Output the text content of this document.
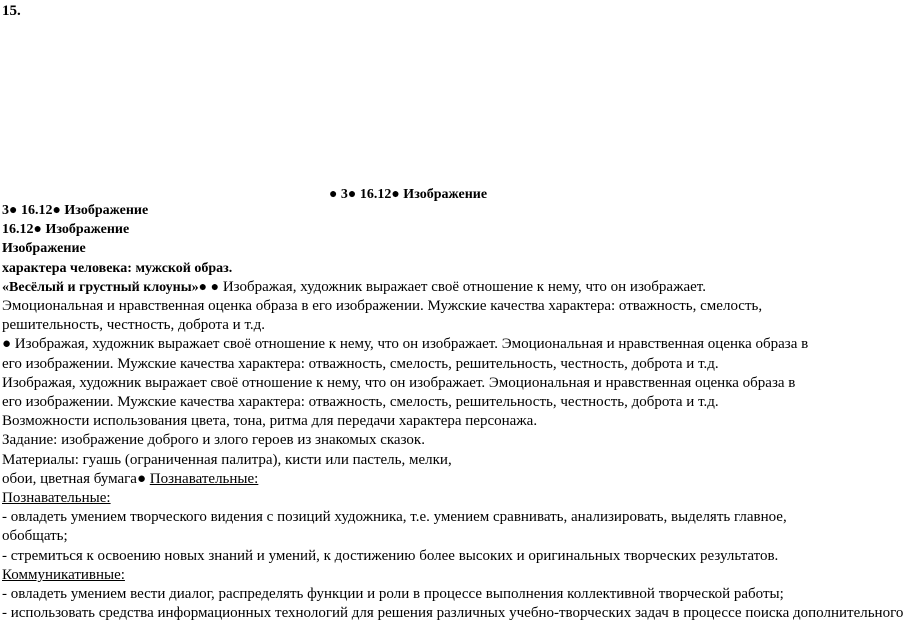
15.
● 3● 16.12● Изображение
3● 16.12● Изображение
16.12● Изображение
Изображение
характера человека: мужской образ.
«Весёлый и грустный клоуны»● ● Изображая, художник выражает своё отношение к нему, что он изображает. Эмоциональная и нравственная оценка образа в его изображении. Мужские качества характера: отважность, смелость, решительность, честность, доброта и т.д.
● Изображая, художник выражает своё отношение к нему, что он изображает. Эмоциональная и нравственная оценка образа в его изображении. Мужские качества характера: отважность, смелость, решительность, честность, доброта и т.д.
Изображая, художник выражает своё отношение к нему, что он изображает. Эмоциональная и нравственная оценка образа в его изображении. Мужские качества характера: отважность, смелость, решительность, честность, доброта и т.д.
Возможности использования цвета, тона, ритма для передачи характера персонажа.
Задание: изображение доброго и злого героев из знакомых сказок.
Материалы: гуашь (ограниченная палитра), кисти или пастель, мелки,
обои, цветная бумага● Познавательные:
Познавательные:
- овладеть умением творческого видения с позиций художника, т.е. умением сравнивать, анализировать, выделять главное, обобщать;
- стремиться к освоению новых знаний и умений, к достижению более высоких и оригинальных творческих результатов.
Коммуникативные:
- овладеть умением вести диалог, распределять функции и роли в процессе выполнения коллективной творческой работы;
- использовать средства информационных технологий для решения различных учебно-творческих задач в процессе поиска дополнительного
